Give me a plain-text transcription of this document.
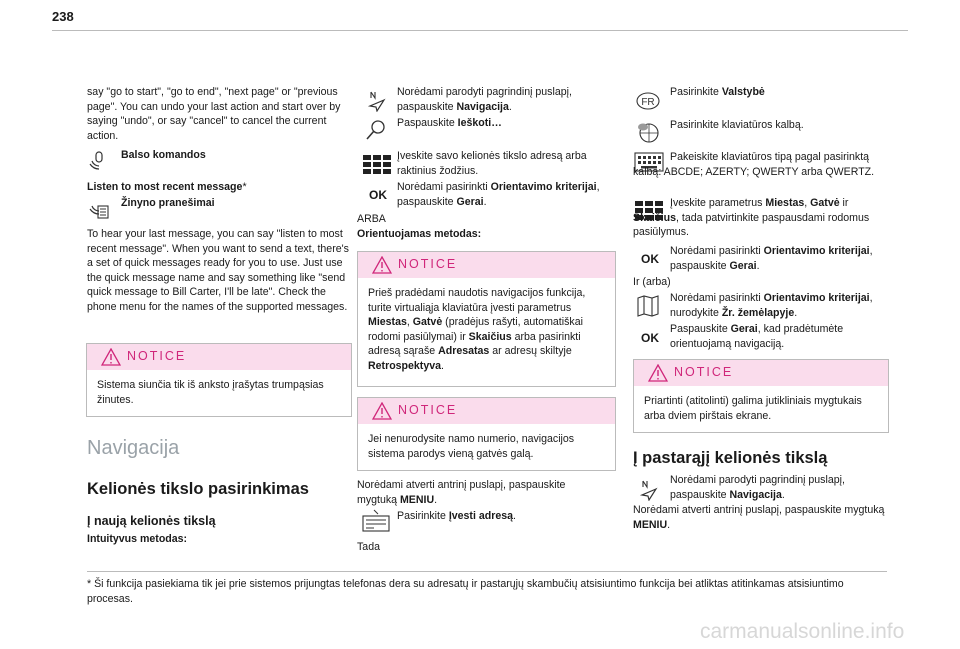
238
say "go to start", "go to end", "next page" or "previous page". You can undo your last action and start over by saying "undo", or say "cancel" to cancel the current action.
Balso komandos
Listen to most recent message*
Žinyno pranešimai
To hear your last message, you can say "listen to most recent message". When you want to send a text, there's a set of quick messages ready for you to use. Just use the quick message name and say something like "send quick message to Bill Carter, I'll be late". Check the phone menu for the names of the supported messages.
NOTICE
Sistema siunčia tik iš anksto įrašytas trumpąsias žinutes.
Navigacija
Kelionės tikslo pasirinkimas
Į naują kelionės tikslą
Intuityvus metodas:
Norėdami parodyti pagrindinį puslapį, paspauskite Navigacija.
Paspauskite Ieškoti…
Įveskite savo kelionės tikslo adresą arba raktinius žodžius.
OK
Norėdami pasirinkti Orientavimo kriterijai, paspauskite Gerai.
ARBA
Orientuojamas metodas:
NOTICE
Prieš pradėdami naudotis navigacijos funkcija, turite virtualiąja klaviatūra įvesti parametrus Miestas, Gatvė (pradėjus rašyti, automatiškai rodomi pasiūlymai) ir Skaičius arba pasirinkti adresą sąraše Adresatas ar adresų skiltyje Retrospektyva.
NOTICE
Jei nenurodysite namo numerio, navigacijos sistema parodys vieną gatvės galą.
Norėdami atverti antrinį puslapį, paspauskite mygtuką MENIU.
Pasirinkite Įvesti adresą.
Tada
FR
Pasirinkite Valstybė
Pasirinkite klaviatūros kalbą.
Pakeiskite klaviatūros tipą pagal pasirinktą kalbą: ABCDE; AZERTY; QWERTY arba QWERTZ.
Įveskite parametrus Miestas, Gatvė ir Skaičius, tada patvirtinkite paspausdami rodomus pasiūlymus.
OK
Norėdami pasirinkti Orientavimo kriterijai, paspauskite Gerai.
Ir (arba)
Norėdami pasirinkti Orientavimo kriterijai, nurodykite Žr. žemėlapyje.
OK
Paspauskite Gerai, kad pradėtumėte orientuojamą navigaciją.
NOTICE
Priartinti (atitolinti) galima jutikliniais mygtukais arba dviem pirštais ekrane.
Į pastarąjį kelionės tikslą
Norėdami parodyti pagrindinį puslapį, paspauskite Navigacija.
Norėdami atverti antrinį puslapį, paspauskite mygtuką MENIU.
* Ši funkcija pasiekiama tik jei prie sistemos prijungtas telefonas dera su adresatų ir pastarųjų skambučių atsisiuntimo funkcija bei atliktas atitinkamas atsisiuntimo procesas.
carmanualsonline.info
